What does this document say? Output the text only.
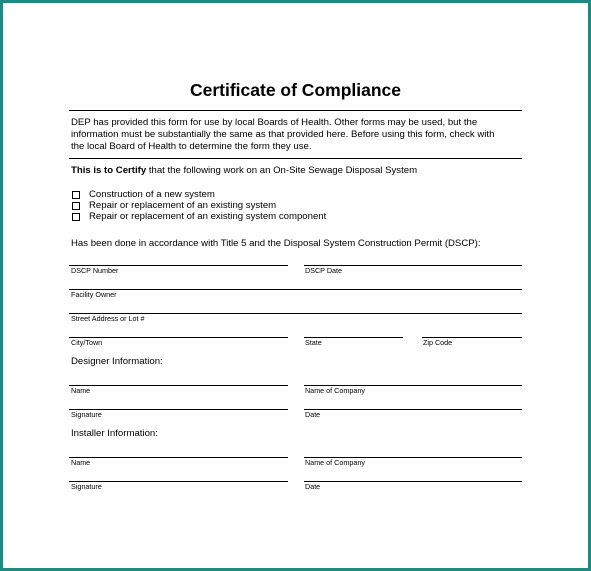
Certificate of Compliance
DEP has provided this form for use by local Boards of Health. Other forms may be used, but the
information must be substantially the same as that provided here. Before using this form, check with
the local Board of Health to determine the form they use.
This is to Certify that the following work on an On-Site Sewage Disposal System
Construction of a new system
Repair or replacement of an existing system
Repair or replacement of an existing system component
Has been done in accordance with Title 5 and the Disposal System Construction Permit (DSCP):
DSCP Number	DSCP Date
Facility Owner
Street Address or Lot #
City/Town	State	Zip Code
Designer Information:
Name	Name of Company
Signature	Date
Installer Information:
Name	Name of Company
Signature	Date
